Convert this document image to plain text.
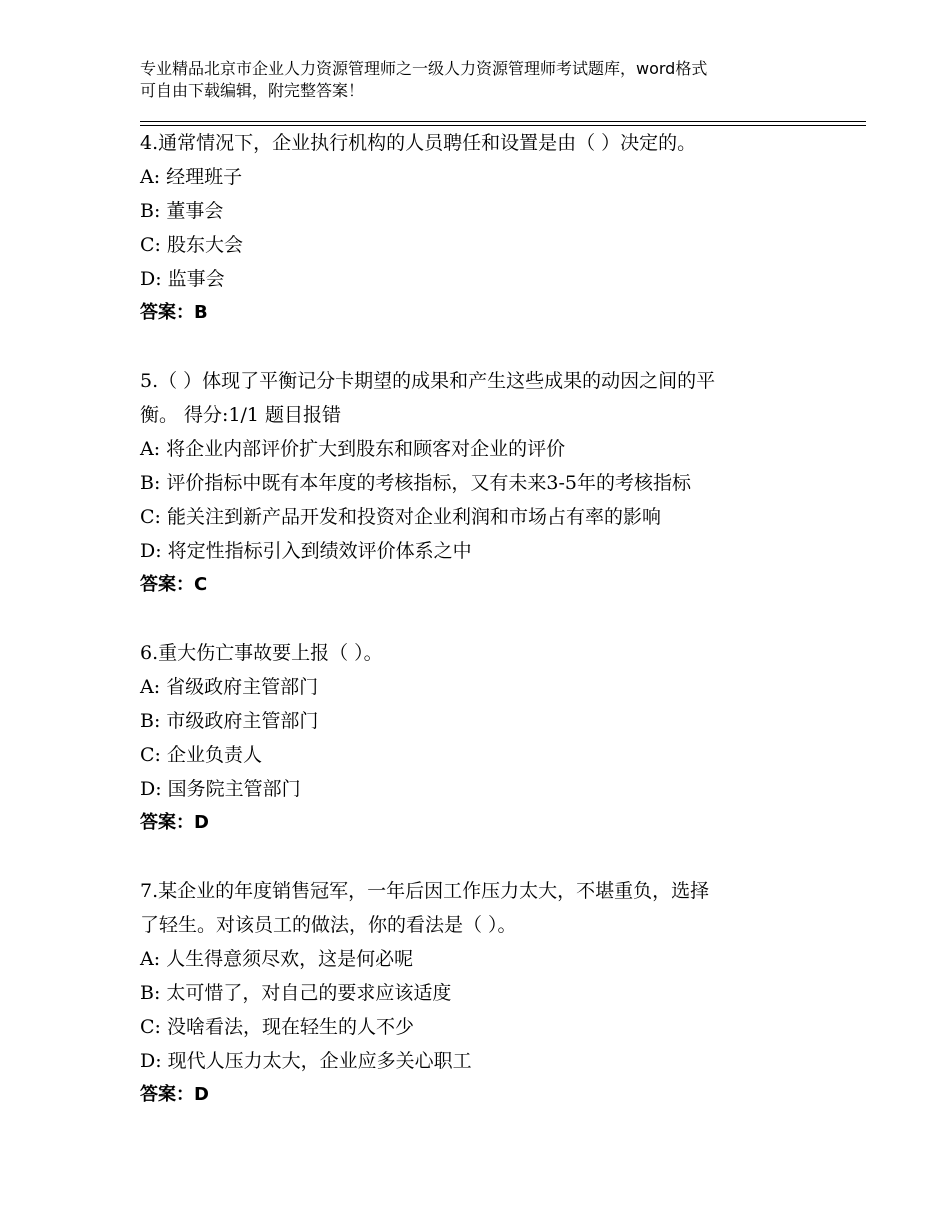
专业精品北京市企业人力资源管理师之一级人力资源管理师考试题库，word格式
可自由下载编辑，附完整答案！
4.通常情况下，企业执行机构的人员聘任和设置是由（ ）决定的。
A: 经理班子
B: 董事会
C: 股东大会
D: 监事会
答案：B
5.（ ）体现了平衡记分卡期望的成果和产生这些成果的动因之间的平
衡。 得分:1/1 题目报错
A: 将企业内部评价扩大到股东和顾客对企业的评价
B: 评价指标中既有本年度的考核指标，又有未来3-5年的考核指标
C: 能关注到新产品开发和投资对企业利润和市场占有率的影响
D: 将定性指标引入到绩效评价体系之中
答案：C
6.重大伤亡事故要上报（ ）。
A: 省级政府主管部门
B: 市级政府主管部门
C: 企业负责人
D: 国务院主管部门
答案：D
7.某企业的年度销售冠军，一年后因工作压力太大，不堪重负，选择
了轻生。对该员工的做法，你的看法是（ ）。
A: 人生得意须尽欢，这是何必呢
B: 太可惜了，对自己的要求应该适度
C: 没啥看法，现在轻生的人不少
D: 现代人压力太大，企业应多关心职工
答案：D
